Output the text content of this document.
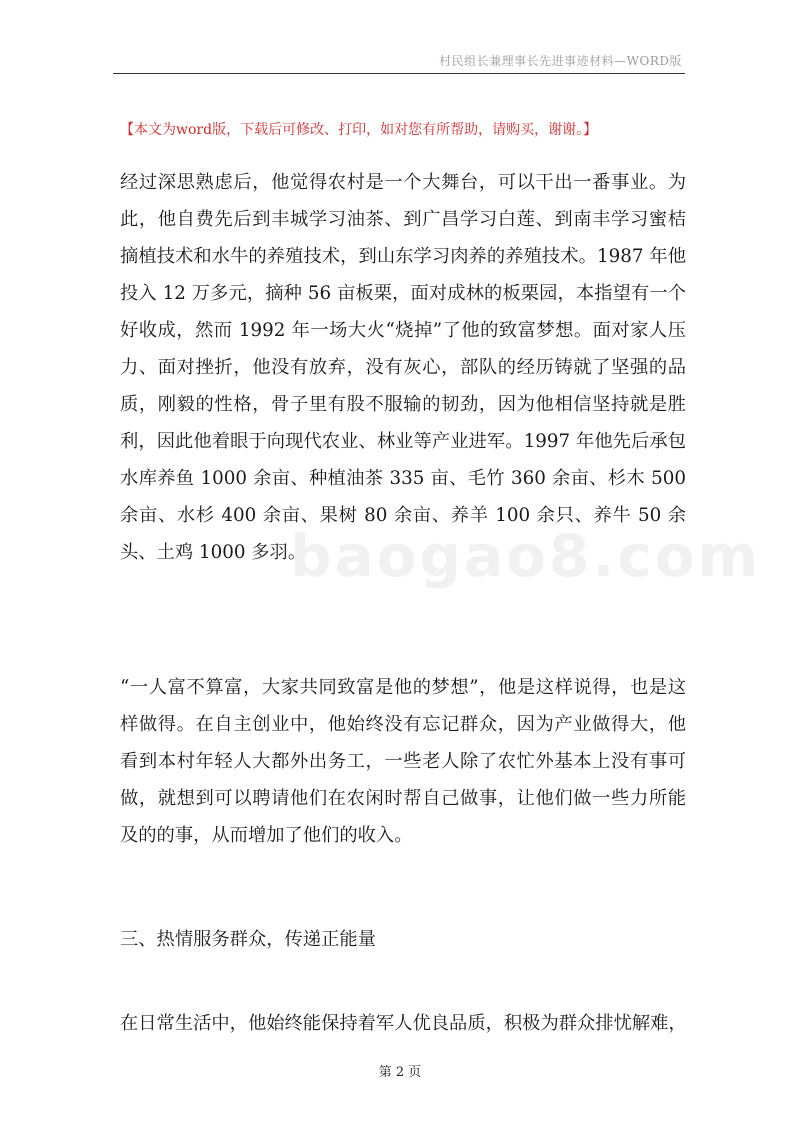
村民组长兼理事长先进事迹材料—WORD版
【本文为word版，下载后可修改、打印，如对您有所帮助，请购买，谢谢。】

经过深思熟虑后，他觉得农村是一个大舞台，可以干出一番事业。为此，他自费先后到丰城学习油茶、到广昌学习白莲、到南丰学习蜜桔摘植技术和水牛的养殖技术，到山东学习肉养的养殖技术。1987 年他投入 12 万多元，摘种 56 亩板栗，面对成林的板栗园，本指望有一个好收成，然而 1992 年一场大火“烧掉”了他的致富梦想。面对家人压力、面对挫折，他没有放弃，没有灰心，部队的经历铸就了坚强的品质，刚毅的性格，骨子里有股不服输的韧劲，因为他相信坚持就是胜利，因此他着眼于向现代农业、林业等产业进军。1997 年他先后承包水库养鱼 1000 余亩、种植油茶 335 亩、毛竹 360 余亩、杉木 500 余亩、水杉 400 余亩、果树 80 余亩、养羊 100 余只、养牛 50 余头、土鸡 1000 多羽。

“一人富不算富，大家共同致富是他的梦想”，他是这样说得，也是这样做得。在自主创业中，他始终没有忘记群众，因为产业做得大，他看到本村年轻人大都外出务工，一些老人除了农忙外基本上没有事可做，就想到可以聘请他们在农闲时帮自己做事，让他们做一些力所能及的的事，从而增加了他们的收入。

三、热情服务群众，传递正能量

在日常生活中，他始终能保持着军人优良品质，积极为群众排忧解难，

baogao8.com
第 2 页
